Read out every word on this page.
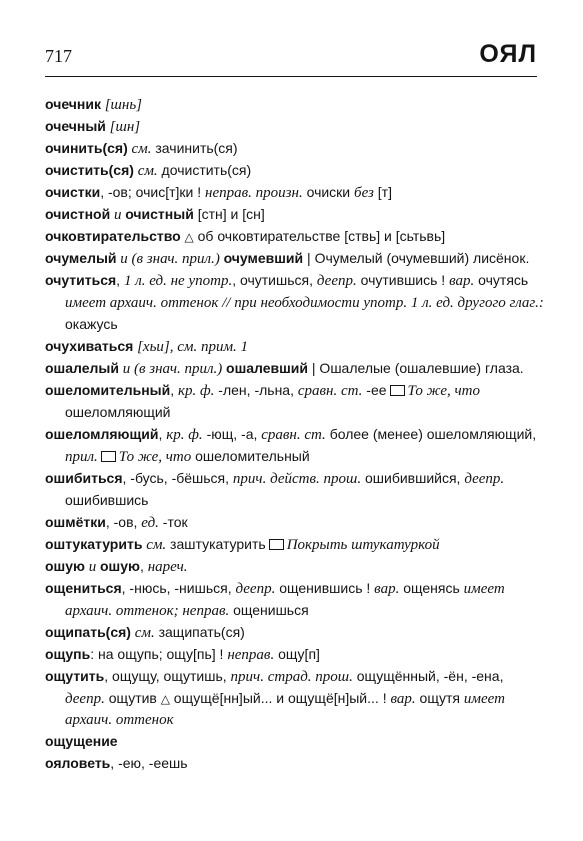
717	ОЯЛ

очечник [шнь]

очечный [шн]

очинить(ся) см. зачинить(ся)

очистить(ся) см. дочистить(ся)

очистки, -ов; очис[т]ки ! неправ. произн. очиски без [т]

очистной и очистный [стн] и [сн]

очковтирательство △ об очковтирательстве [ствь] и [сьтьвь]

очумелый и (в знач. прил.) очумевший | Очумелый (очумевший) лисёнок.

очутиться, 1 л. ед. не употр., очутишься, деепр. очутившись ! вар. очутясь имеет архаич. оттенок // при необходимости употр. 1 л. ед. другого глаг.: окажусь

очухиваться [хьи], см. прим. 1

ошалелый и (в знач. прил.) ошалевший | Ошалелые (ошалевшие) глаза.

ошеломительный, кр. ф. -лен, -льна, сравн. ст. -ее То же, что ошеломляющий

ошеломляющий, кр. ф. -ющ, -а, сравн. ст. более (менее) ошеломляющий, прил. То же, что ошеломительный

ошибиться, -бусь, -бёшься, прич. действ. прош. ошибившийся, деепр. ошибившись

ошмётки, -ов, ед. -ток

оштукатурить см. заштукатурить Покрыть штукатуркой

ошую и ошую, нареч.

ощениться, -нюсь, -нишься, деепр. ощенившись ! вар. ощенясь имеет архаич. оттенок; неправ. ощенишься

ощипать(ся) см. защипать(ся)

ощупь: на ощупь; ощу[пь] ! неправ. ощу[п]

ощутить, ощущу, ощутишь, прич. страд. прош. ощущённый, -ён, -ена, деепр. ощутив △ ощущё[нн]ый... и ощущё[н]ый... ! вар. ощутя имеет архаич. оттенок

ощущение

ояловеть, -ею, -еешь
